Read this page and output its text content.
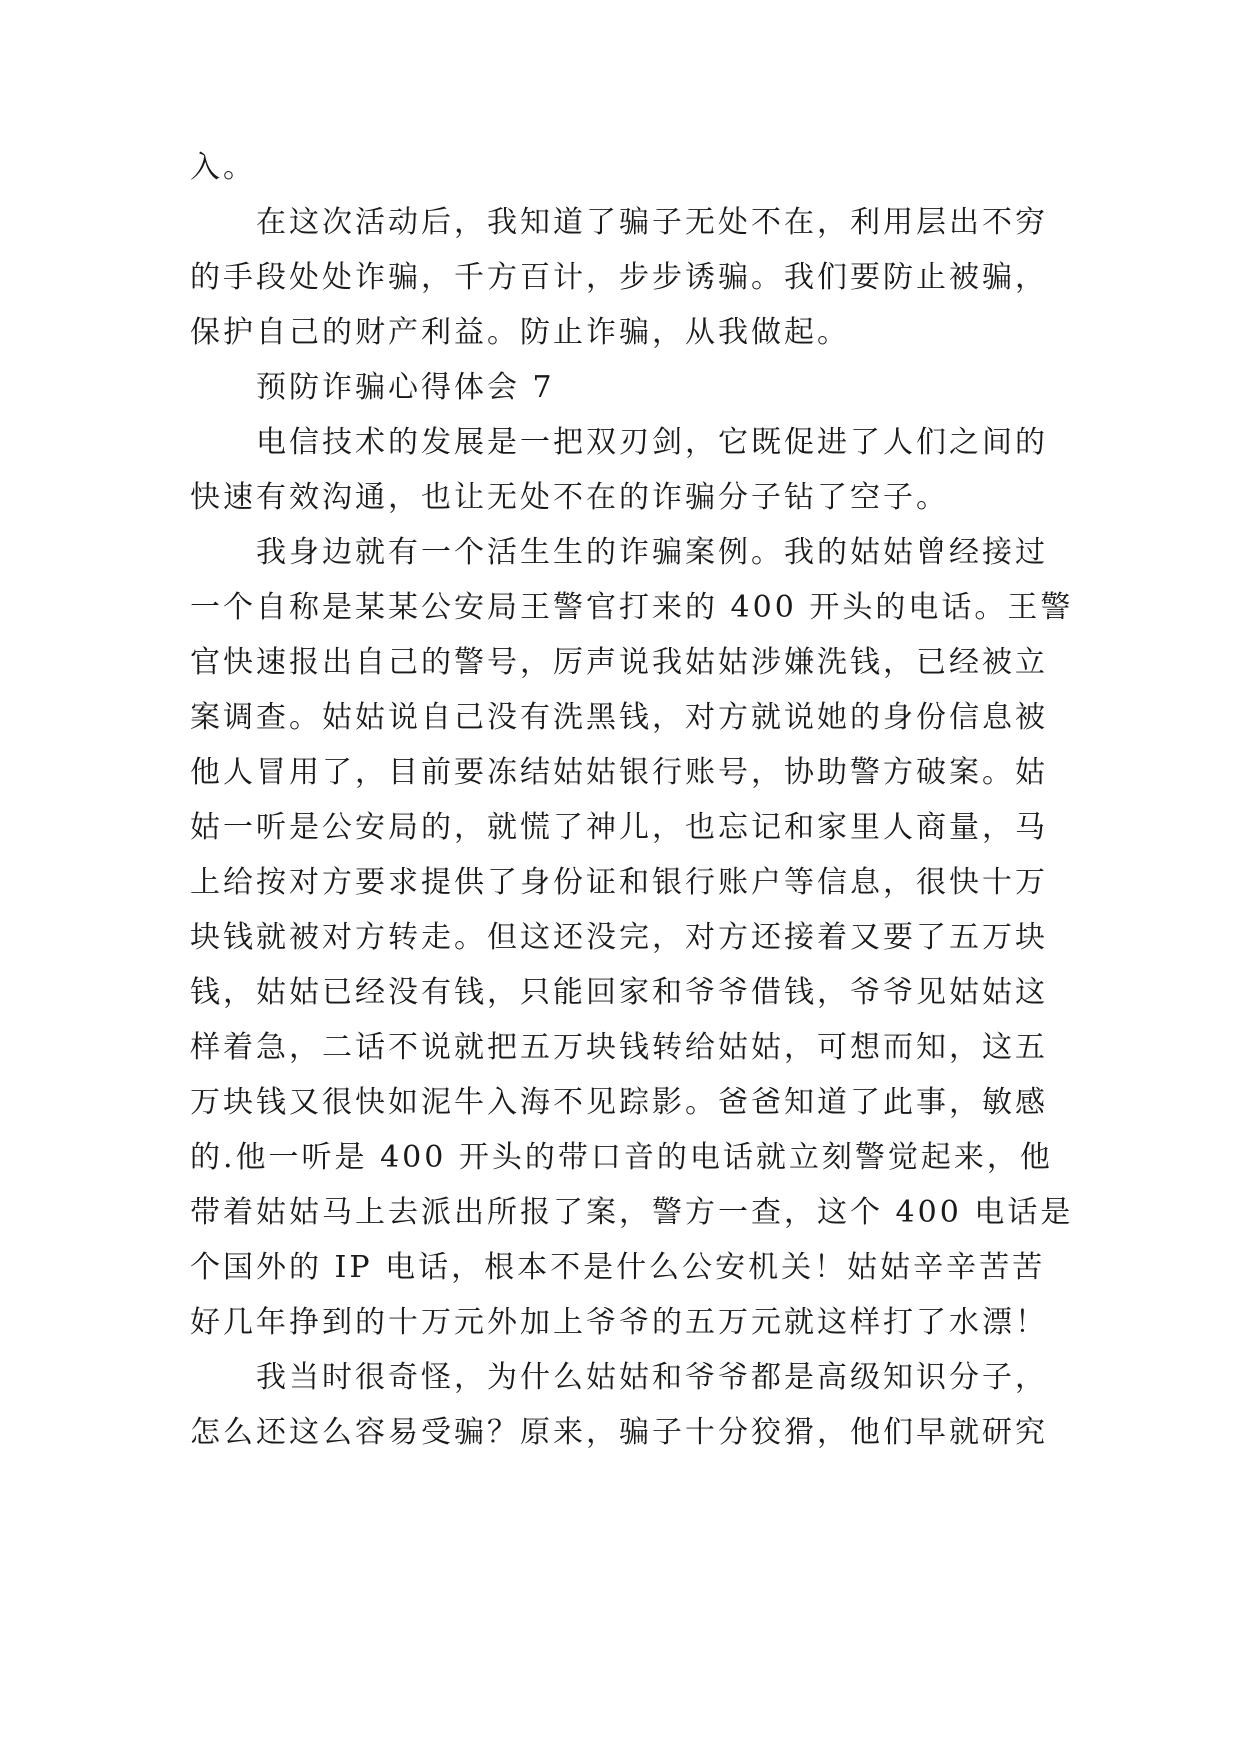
入。
在这次活动后，我知道了骗子无处不在，利用层出不穷
的手段处处诈骗，千方百计，步步诱骗。我们要防止被骗，
保护自己的财产利益。防止诈骗，从我做起。
预防诈骗心得体会 7
电信技术的发展是一把双刃剑，它既促进了人们之间的
快速有效沟通，也让无处不在的诈骗分子钻了空子。
我身边就有一个活生生的诈骗案例。我的姑姑曾经接过
一个自称是某某公安局王警官打来的 400 开头的电话。王警
官快速报出自己的警号，厉声说我姑姑涉嫌洗钱，已经被立
案调查。姑姑说自己没有洗黑钱，对方就说她的身份信息被
他人冒用了，目前要冻结姑姑银行账号，协助警方破案。姑
姑一听是公安局的，就慌了神儿，也忘记和家里人商量，马
上给按对方要求提供了身份证和银行账户等信息，很快十万
块钱就被对方转走。但这还没完，对方还接着又要了五万块
钱，姑姑已经没有钱，只能回家和爷爷借钱，爷爷见姑姑这
样着急，二话不说就把五万块钱转给姑姑，可想而知，这五
万块钱又很快如泥牛入海不见踪影。爸爸知道了此事，敏感
的.他一听是 400 开头的带口音的电话就立刻警觉起来，他
带着姑姑马上去派出所报了案，警方一查，这个 400 电话是
个国外的 IP 电话，根本不是什么公安机关！姑姑辛辛苦苦
好几年挣到的十万元外加上爷爷的五万元就这样打了水漂！
我当时很奇怪，为什么姑姑和爷爷都是高级知识分子，
怎么还这么容易受骗？原来，骗子十分狡猾，他们早就研究
